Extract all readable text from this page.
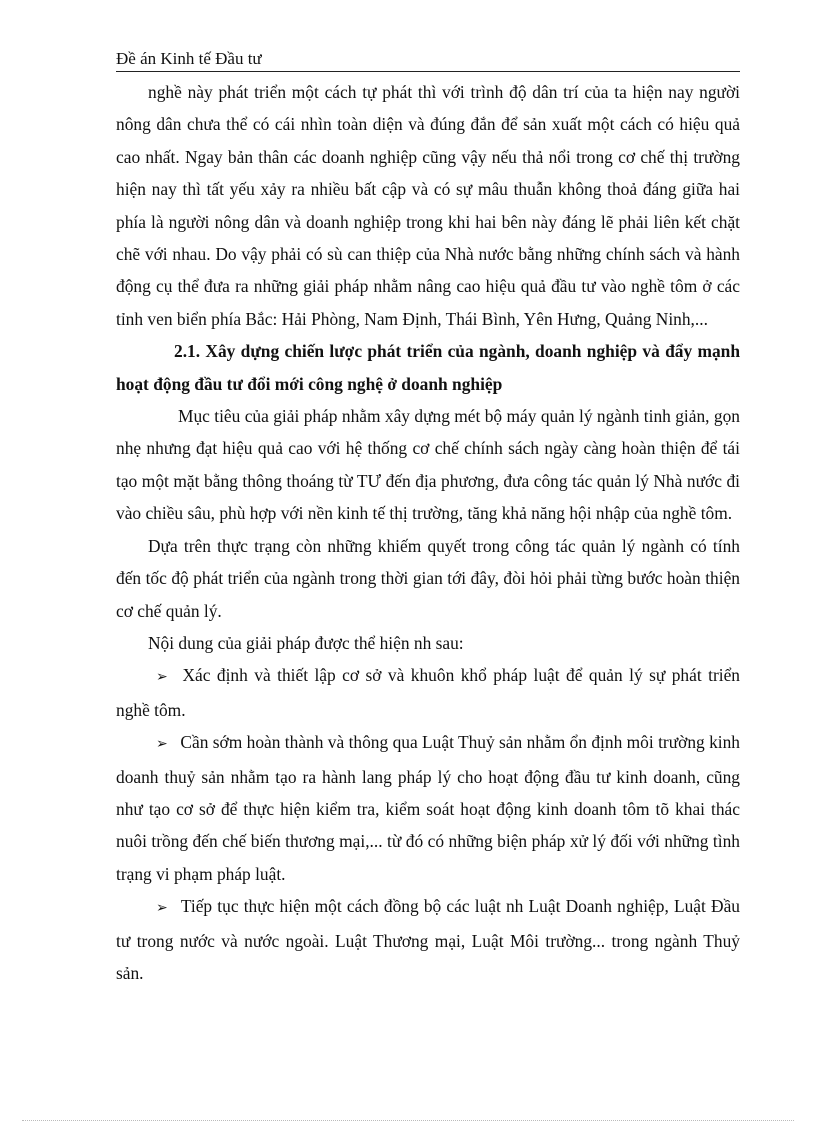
Đề án Kinh tế Đầu tư

nghề này phát triển một cách tự phát thì với trình độ dân trí của ta hiện nay người nông dân chưa thể có cái nhìn toàn diện và đúng đắn để sản xuất một cách có hiệu quả cao nhất. Ngay bản thân các doanh nghiệp cũng vậy nếu thả nổi trong cơ chế thị trường hiện nay thì tất yếu xảy ra nhiều bất cập và có sự mâu thuẫn không thoả đáng giữa hai phía là người nông dân và doanh nghiệp trong khi hai bên này đáng lẽ phải liên kết chặt chẽ với nhau. Do vậy phải có sù can thiệp của Nhà nước bằng những chính sách và hành động cụ thể đưa ra những giải pháp nhằm nâng cao hiệu quả đầu tư vào nghề tôm ở các tỉnh ven biển phía Bắc: Hải Phòng, Nam Định, Thái Bình, Yên Hưng, Quảng Ninh,...

2.1. Xây dựng chiến lược phát triển của ngành, doanh nghiệp và đẩy mạnh hoạt động đầu tư đổi mới công nghệ ở doanh nghiệp

Mục tiêu của giải pháp nhằm xây dựng mét bộ máy quản lý ngành tinh giản, gọn nhẹ nhưng đạt hiệu quả cao với hệ thống cơ chế chính sách ngày càng hoàn thiện để tái tạo một mặt bằng thông thoáng từ TƯ đến địa phương, đưa công tác quản lý Nhà nước đi vào chiều sâu, phù hợp với nền kinh tế thị trường, tăng khả năng hội nhập của nghề tôm.

Dựa trên thực trạng còn những khiếm quyết trong công tác quản lý ngành có tính đến tốc độ phát triển của ngành trong thời gian tới đây, đòi hỏi phải từng bước hoàn thiện cơ chế quản lý.

Nội dung của giải pháp được thể hiện nh sau:

➢ Xác định và thiết lập cơ sở và khuôn khổ pháp luật để quản lý sự phát triển nghề tôm.

➢ Cần sớm hoàn thành và thông qua Luật Thuỷ sản nhằm ổn định môi trường kinh doanh thuỷ sản nhằm tạo ra hành lang pháp lý cho hoạt động đầu tư kinh doanh, cũng như tạo cơ sở để thực hiện kiểm tra, kiểm soát hoạt động kinh doanh tôm tõ khai thác nuôi trồng đến chế biến thương mại,... từ đó có những biện pháp xử lý đối với những tình trạng vi phạm pháp luật.

➢ Tiếp tục thực hiện một cách đồng bộ các luật nh Luật Doanh nghiệp, Luật Đầu tư trong nước và nước ngoài. Luật Thương mại, Luật Môi trường... trong ngành Thuỷ sản.
